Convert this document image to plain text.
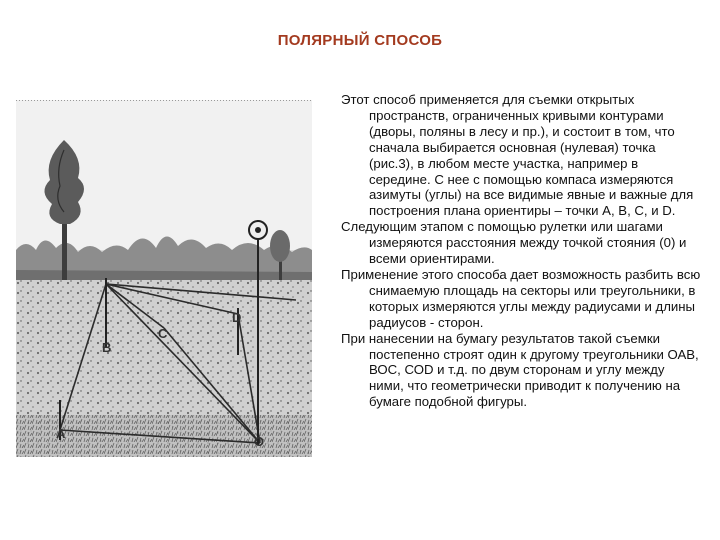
ПОЛЯРНЫЙ СПОСОБ
В
С
D
А
О

Этот способ применяется для съемки открытых пространств, ограниченных кривыми контурами (дворы, поляны в лесу и пр.), и состоит в том, что сначала выбирается основная (нулевая) точка (рис.3), в любом месте участка, например в середине. С нее с помощью компаса измеряются азимуты (углы) на все видимые явные и важные для построения плана ориентиры – точки А, В, С, и D.

Следующим этапом с помощью рулетки или шагами измеряются расстояния между точкой стояния (0) и всеми ориентирами.

Применение этого способа дает возможность разбить всю снимаемую площадь на секторы или треугольники, в которых измеряются углы между радиусами и длины радиусов - сторон.

При нанесении на бумагу результатов такой съемки постепенно строят один к другому треугольники ОАВ, ВОС, СОD и т.д. по двум сторонам и углу между ними, что геометрически приводит к получению на бумаге подобной фигуры.
